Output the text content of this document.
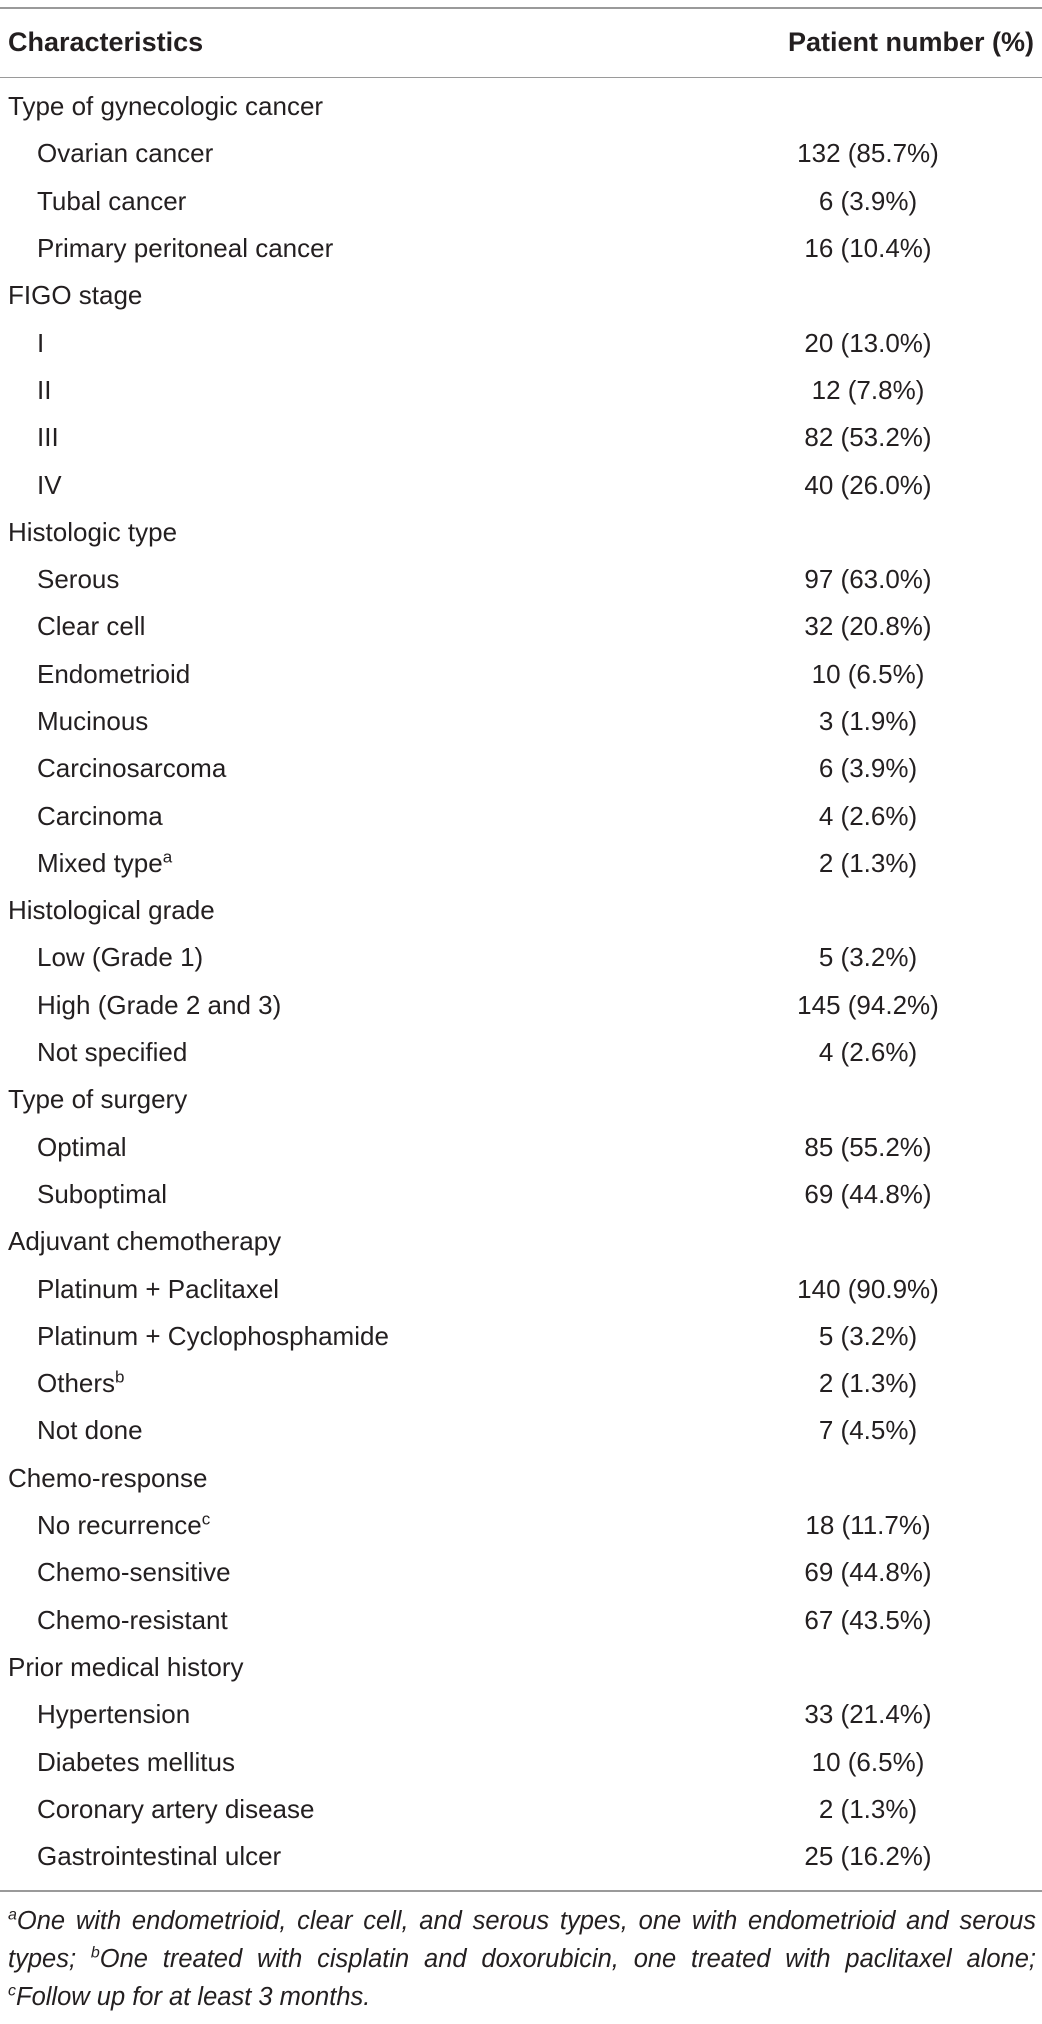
Characteristics	Patient number (%)
Type of gynecologic cancer
Ovarian cancer	132 (85.7%)
Tubal cancer	6 (3.9%)
Primary peritoneal cancer	16 (10.4%)
FIGO stage
I	20 (13.0%)
II	12 (7.8%)
III	82 (53.2%)
IV	40 (26.0%)
Histologic type
Serous	97 (63.0%)
Clear cell	32 (20.8%)
Endometrioid	10 (6.5%)
Mucinous	3 (1.9%)
Carcinosarcoma	6 (3.9%)
Carcinoma	4 (2.6%)
Mixed type$^a$	2 (1.3%)
Histological grade
Low (Grade 1)	5 (3.2%)
High (Grade 2 and 3)	145 (94.2%)
Not specified	4 (2.6%)
Type of surgery
Optimal	85 (55.2%)
Suboptimal	69 (44.8%)
Adjuvant chemotherapy
Platinum + Paclitaxel	140 (90.9%)
Platinum + Cyclophosphamide	5 (3.2%)
Others$^b$	2 (1.3%)
Not done	7 (4.5%)
Chemo-response
No recurrence$^c$	18 (11.7%)
Chemo-sensitive	69 (44.8%)
Chemo-resistant	67 (43.5%)
Prior medical history
Hypertension	33 (21.4%)
Diabetes mellitus	10 (6.5%)
Coronary artery disease	2 (1.3%)
Gastrointestinal ulcer	25 (16.2%)
$^a$One with endometrioid, clear cell, and serous types, one with endometrioid and serous types; $^b$One treated with cisplatin and doxorubicin, one treated with paclitaxel alone; $^c$Follow up for at least 3 months.
